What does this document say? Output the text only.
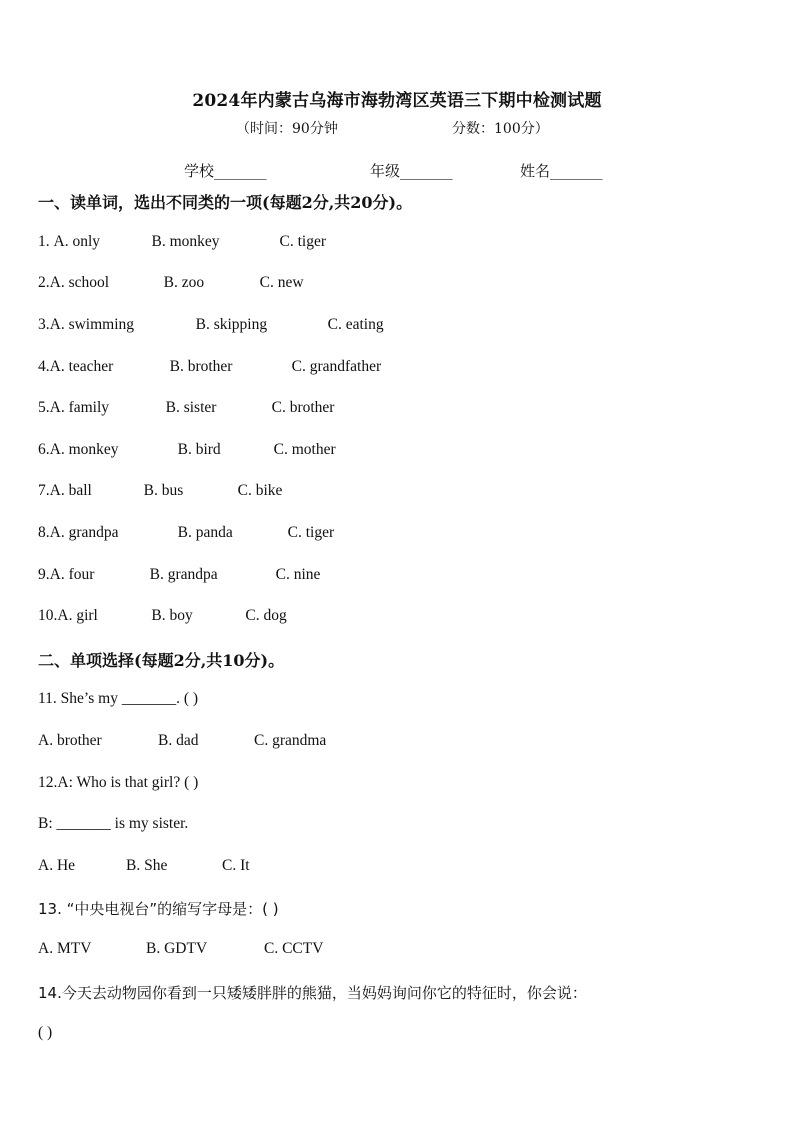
2024年内蒙古乌海市海勃湾区英语三下期中检测试题
（时间：90分钟	分数：100分）
学校_______	年级_______	姓名_______
一、读单词，选出不同类的一项(每题2分,共20分)。
1. A. only	B. monkey	C. tiger
2.A. school	B. zoo	C. new
3.A. swimming	B. skipping	C. eating
4.A. teacher	B. brother	C. grandfather
5.A. family	B. sister	C. brother
6.A. monkey	B. bird	C. mother
7.A. ball	B. bus	C. bike
8.A. grandpa	B. panda	C. tiger
9.A. four	B. grandpa	C. nine
10.A. girl	B. boy	C. dog
二、单项选择(每题2分,共10分)。
11. She’s my _______. ( )
A. brother	B. dad	C. grandma
12.A: Who is that girl? ( )
B: _______ is my sister.
A. He	B. She	C. It
13. “中央电视台”的缩写字母是：( )
A. MTV	B. GDTV	C. CCTV
14.今天去动物园你看到一只矮矮胖胖的熊猫，当妈妈询问你它的特征时，你会说：
( )
